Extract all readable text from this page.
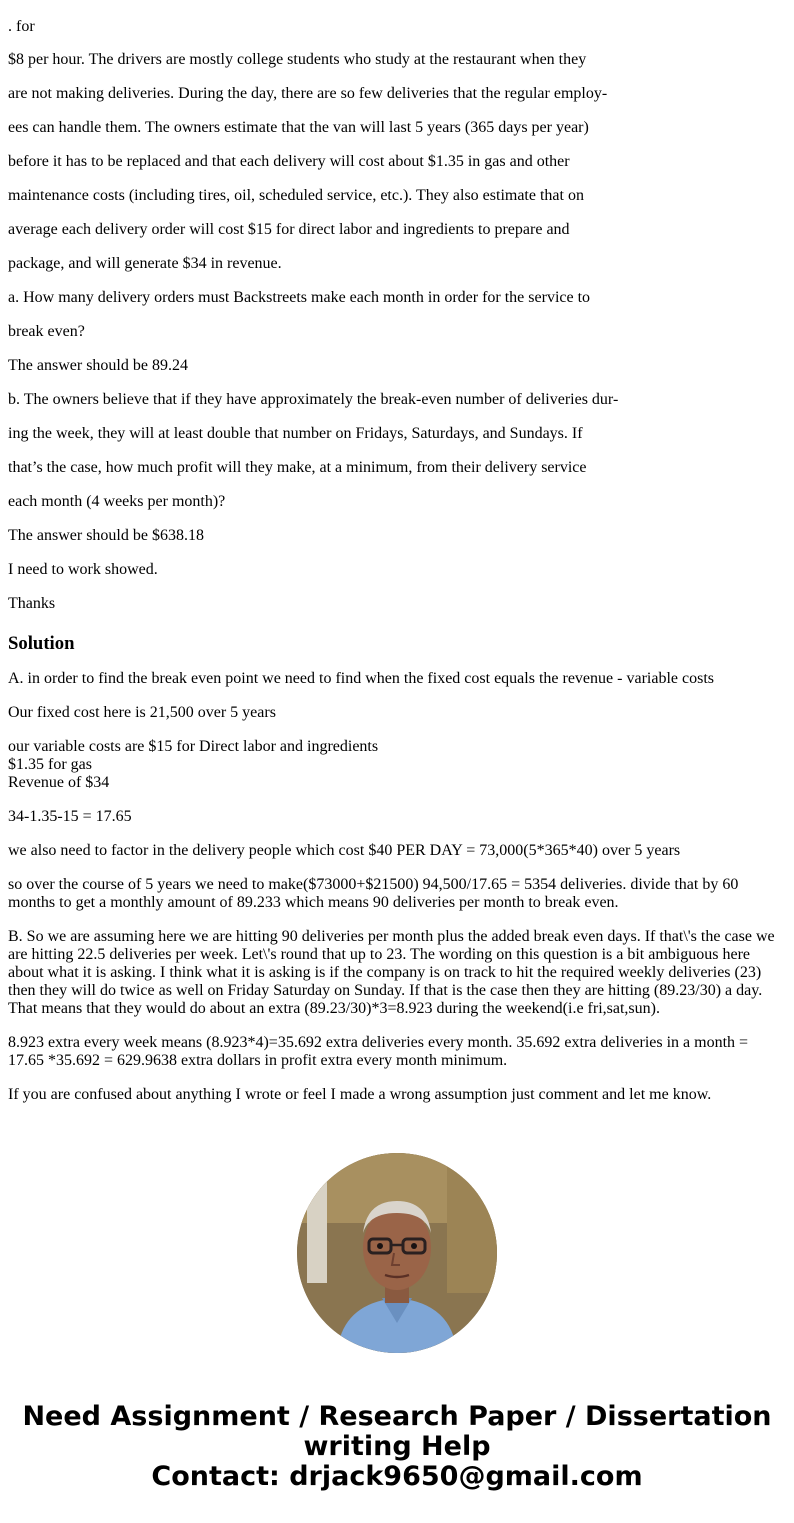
. for

$8 per hour. The drivers are mostly college students who study at the restaurant when they

are not making deliveries. During the day, there are so few deliveries that the regular employ-

ees can handle them. The owners estimate that the van will last 5 years (365 days per year)

before it has to be replaced and that each delivery will cost about $1.35 in gas and other

maintenance costs (including tires, oil, scheduled service, etc.). They also estimate that on

average each delivery order will cost $15 for direct labor and ingredients to prepare and

package, and will generate $34 in revenue.

a. How many delivery orders must Backstreets make each month in order for the service to

break even?

The answer should be 89.24

b. The owners believe that if they have approximately the break-even number of deliveries dur-

ing the week, they will at least double that number on Fridays, Saturdays, and Sundays. If

that’s the case, how much profit will they make, at a minimum, from their delivery service

each month (4 weeks per month)?

The answer should be $638.18

I need to work showed.

Thanks

Solution

A. in order to find the break even point we need to find when the fixed cost equals the revenue - variable costs

Our fixed cost here is 21,500 over 5 years

our variable costs are $15 for Direct labor and ingredients
$1.35 for gas
Revenue of $34

34-1.35-15 = 17.65

we also need to factor in the delivery people which cost $40 PER DAY = 73,000(5*365*40) over 5 years

so over the course of 5 years we need to make($73000+$21500) 94,500/17.65 = 5354 deliveries. divide that by 60 months to get a monthly amount of 89.233 which means 90 deliveries per month to break even.

B. So we are assuming here we are hitting 90 deliveries per month plus the added break even days. If that\'s the case we are hitting 22.5 deliveries per week. Let\'s round that up to 23. The wording on this question is a bit ambiguous here about what it is asking. I think what it is asking is if the company is on track to hit the required weekly deliveries (23) then they will do twice as well on Friday Saturday on Sunday. If that is the case then they are hitting (89.23/30) a day. That means that they would do about an extra (89.23/30)*3=8.923 during the weekend(i.e fri,sat,sun).

8.923 extra every week means (8.923*4)=35.692 extra deliveries every month. 35.692 extra deliveries in a month = 17.65 *35.692 = 629.9638 extra dollars in profit extra every month minimum.

If you are confused about anything I wrote or feel I made a wrong assumption just comment and let me know.

Need Assignment / Research Paper / Dissertation
writing Help
Contact: drjack9650@gmail.com
